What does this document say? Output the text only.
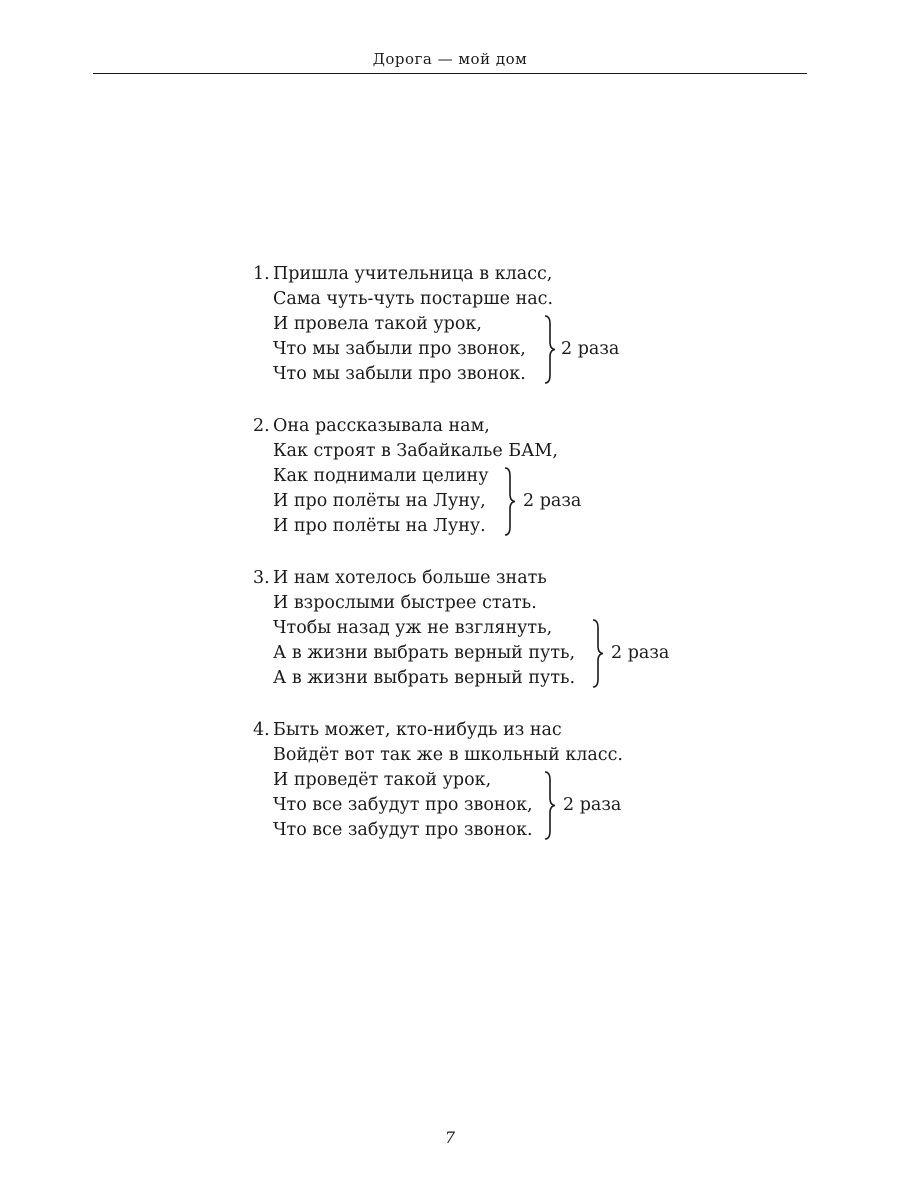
Дорога — мой дом
1. Пришла учительница в класс,
Сама чуть-чуть постарше нас.
И провела такой урок,
Что мы забыли про звонок,
Что мы забыли про звонок.
2 раза
2. Она рассказывала нам,
Как строят в Забайкалье БАМ,
Как поднимали целину
И про полёты на Луну,
И про полёты на Луну.
2 раза
3. И нам хотелось больше знать
И взрослыми быстрее стать.
Чтобы назад уж не взглянуть,
А в жизни выбрать верный путь,
А в жизни выбрать верный путь.
2 раза
4. Быть может, кто-нибудь из нас
Войдёт вот так же в школьный класс.
И проведёт такой урок,
Что все забудут про звонок,
Что все забудут про звонок.
2 раза
7
